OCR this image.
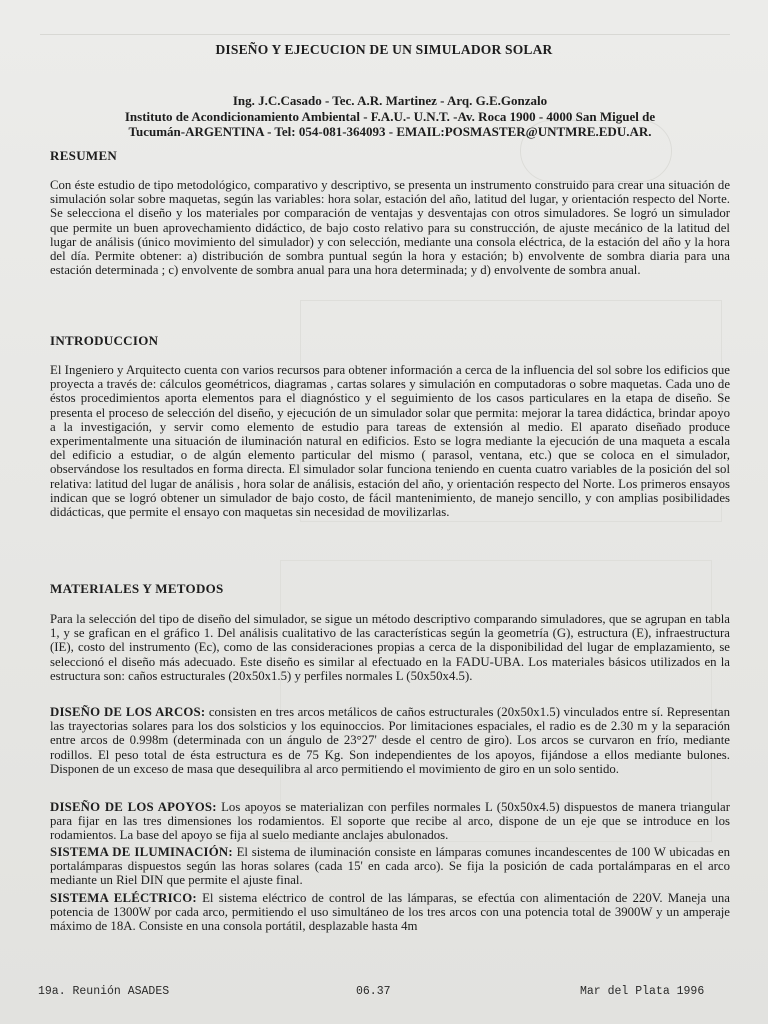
DISEÑO Y EJECUCION DE UN SIMULADOR SOLAR
Ing. J.C.Casado - Tec. A.R. Martinez - Arq. G.E.Gonzalo
Instituto de Acondicionamiento Ambiental - F.A.U.- U.N.T. -Av. Roca 1900 - 4000 San Miguel de
Tucumán-ARGENTINA - Tel: 054-081-364093 - EMAIL:POSMASTER@UNTMRE.EDU.AR.
RESUMEN

Con éste estudio de tipo metodológico, comparativo y descriptivo, se presenta un instrumento construido para crear una situación de simulación solar sobre maquetas, según las variables: hora solar, estación del año, latitud del lugar, y orientación respecto del Norte. Se selecciona el diseño y los materiales por comparación de ventajas y desventajas con otros simuladores. Se logró un simulador que permite un buen aprovechamiento didáctico, de bajo costo relativo para su construcción, de ajuste mecánico de la latitud del lugar de análisis (único movimiento del simulador) y con selección, mediante una consola eléctrica, de la estación del año y la hora del día. Permite obtener: a) distribución de sombra puntual según la hora y estación; b) envolvente de sombra diaria para una estación determinada ; c) envolvente de sombra anual para una hora determinada; y d) envolvente de sombra anual.

INTRODUCCION

El Ingeniero y Arquitecto cuenta con varios recursos para obtener información a cerca de la influencia del sol sobre los edificios que proyecta a través de: cálculos geométricos, diagramas , cartas solares y simulación en computadoras o sobre maquetas. Cada uno de éstos procedimientos aporta elementos para el diagnóstico y el seguimiento de los casos particulares en la etapa de diseño. Se presenta el proceso de selección del diseño, y ejecución de un simulador solar que permita: mejorar la tarea didáctica, brindar apoyo a la investigación, y servir como elemento de estudio para tareas de extensión al medio. El aparato diseñado produce experimentalmente una situación de iluminación natural en edificios. Esto se logra mediante la ejecución de una maqueta a escala del edificio a estudiar, o de algún elemento particular del mismo ( parasol, ventana, etc.) que se coloca en el simulador, observándose los resultados en forma directa. El simulador solar funciona teniendo en cuenta cuatro variables de la posición del sol relativa: latitud del lugar de análisis , hora solar de análisis, estación del año, y orientación respecto del Norte. Los primeros ensayos indican que se logró obtener un simulador de bajo costo, de fácil mantenimiento, de manejo sencillo, y con amplias posibilidades didácticas, que permite el ensayo con maquetas sin necesidad de movilizarlas.

MATERIALES Y METODOS

Para la selección del tipo de diseño del simulador, se sigue un método descriptivo comparando simuladores, que se agrupan en tabla 1, y se grafican en el gráfico 1. Del análisis cualitativo de las características según la geometría (G), estructura (E), infraestructura (IE), costo del instrumento (Ec), como de las consideraciones propias a cerca de la disponibilidad del lugar de emplazamiento, se seleccionó el diseño más adecuado. Este diseño es similar al efectuado en la FADU-UBA. Los materiales básicos utilizados en la estructura son: caños estructurales (20x50x1.5) y perfiles normales L (50x50x4.5).

DISEÑO DE LOS ARCOS: consisten en tres arcos metálicos de caños estructurales (20x50x1.5) vinculados entre sí. Representan las trayectorias solares para los dos solsticios y los equinoccios. Por limitaciones espaciales, el radio es de 2.30 m y la separación entre arcos de 0.998m (determinada con un ángulo de 23°27' desde el centro de giro). Los arcos se curvaron en frío, mediante rodillos. El peso total de ésta estructura es de 75 Kg. Son independientes de los apoyos, fijándose a ellos mediante bulones. Disponen de un exceso de masa que desequilibra al arco permitiendo el movimiento de giro en un solo sentido.

DISEÑO DE LOS APOYOS: Los apoyos se materializan con perfiles normales L (50x50x4.5) dispuestos de manera triangular para fijar en las tres dimensiones los rodamientos. El soporte que recibe al arco, dispone de un eje que se introduce en los rodamientos. La base del apoyo se fija al suelo mediante anclajes abulonados.

SISTEMA DE ILUMINACIÓN: El sistema de iluminación consiste en lámparas comunes incandescentes de 100 W ubicadas en portalámparas dispuestos según las horas solares (cada 15' en cada arco). Se fija la posición de cada portalámparas en el arco mediante un Riel DIN que permite el ajuste final.

SISTEMA ELÉCTRICO: El sistema eléctrico de control de las lámparas, se efectúa con alimentación de 220V. Maneja una potencia de 1300W por cada arco, permitiendo el uso simultáneo de los tres arcos con una potencia total de 3900W y un amperaje máximo de 18A. Consiste en una consola portátil, desplazable hasta 4m

19a. Reunión ASADES	06.37	Mar del Plata 1996
